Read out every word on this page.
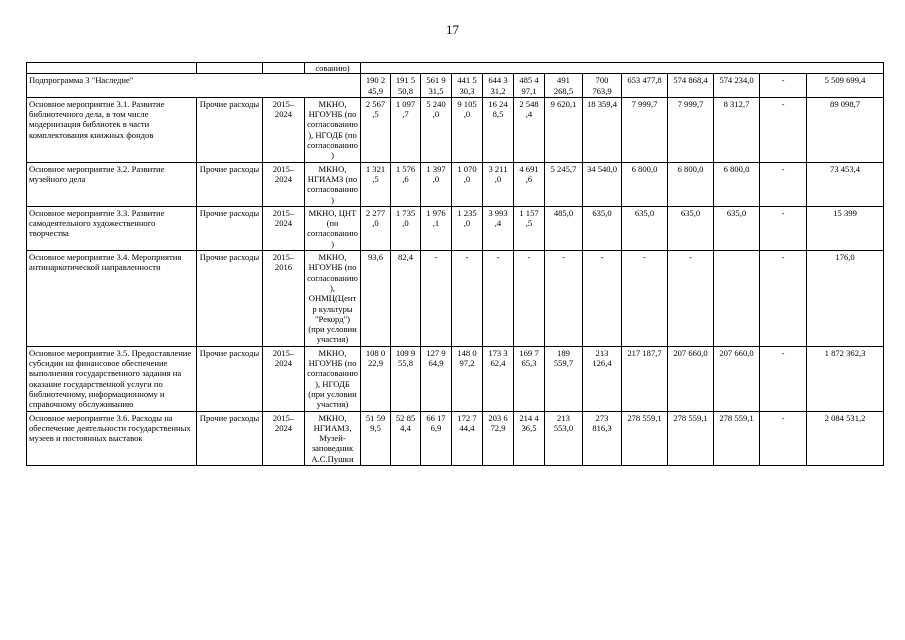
17
			сованию)													
Подпрограмма 3 "Наследие"				190 2 45,9	191 5 50,8	561 9 31,5	441 5 30,3	644 3 31,2	485 4 97,1	491 268,5	700 763,9	653 477,8	574 868,4	574 234,0	-	5 509 699,4
Основное мероприятие 3.1. Развитие библиотечного дела, в том числе модернизация библиотек в части комплектования книжных фондов	Прочие расходы	2015–2024	МКНО, НГОУНБ (по согласованию), НГОДБ (по согласованию)	2 567 ,5	1 097 ,7	5 240 ,0	9 105 ,0	16 24 8,5	2 548 ,4	9 620,1	18 359,4	7 999,7	7 999,7	8 312,7	-	89 098,7
Основное мероприятие 3.2. Развитие музейного дела	Прочие расходы	2015–2024	МКНО, НГИАМЗ (по согласованию)	1 321 ,5	1 576 ,6	1 397 ,0	1 070 ,0	3 211 ,0	4 691 ,6	5 245,7	34 540,0	6 800,0	6 800,0	6 800,0	-	73 453,4
Основное мероприятие 3.3. Развитие самодеятельного художественного творчества	Прочие расходы	2015–2024	МКНО, ЦНТ (по согласованию)	2 277 ,0	1 735 ,0	1 976 ,1	1 235 ,0	3 993 ,4	1 157 ,5	485,0	635,0	635,0	635,0	635,0	-	15 399
Основное мероприятие 3.4. Мероприятия антинаркотической направленности	Прочие расходы	2015–2016	МКНО, НГОУНБ (по согласованию), ОНМЦ(Центр культуры "Рекорд") (при условии участия)	93,6	82,4	-	-	-	-	-	-	-	-		-	176,0
Основное мероприятие 3.5. Предоставление субсидии на финансовое обеспечение выполнения государственного задания на оказание государственной услуги по библиотечному, информационному и справочному обслуживанию	Прочие расходы	2015–2024	МКНО, НГОУНБ (по согласованию), НГОДБ (при условии участия)	108 0 22,9	109 9 55,8	127 9 64,9	148 0 97,2	173 3 62,4	169 7 65,3	189 559,7	213 126,4	217 187,7	207 660,0	207 660,0	-	1 872 362,3
Основное мероприятие 3.6. Расходы на обеспечение деятельности государственных музеев и постоянных выставок	Прочие расходы	2015–2024	МКНО, НГИАМЗ, Музей-заповедник А.С.Пушки	51 59 9,5	52 85 4,4	66 17 6,9	172 7 44,4	203 6 72,9	214 4 36,5	213 553,0	273 816,3	278 559,1	278 559,1	278 559,1	-	2 084 531,2
